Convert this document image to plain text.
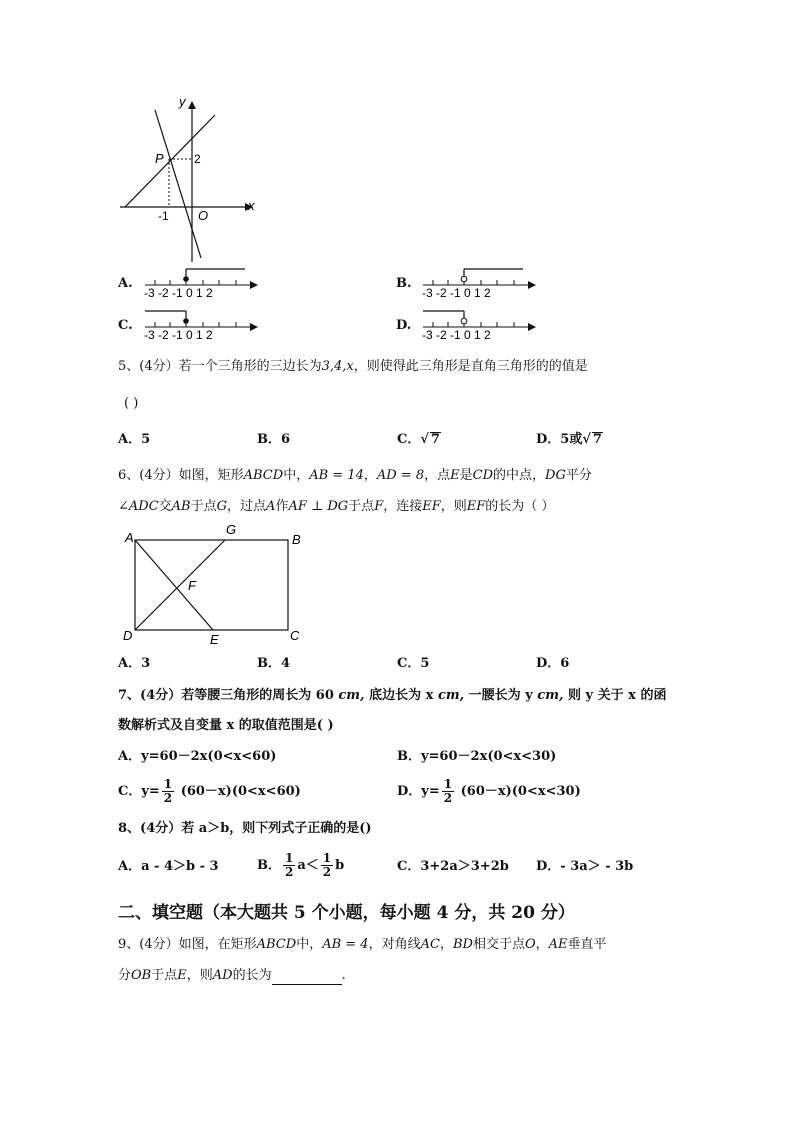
y
x
P	2
-1 O
A.
-3 -2 -1 0 1 2
B.
-3 -2 -1 0 1 2
C.
-3 -2 -1 0 1 2
D.
-3 -2 -1 0 1 2
5、(4分）若一个三角形的三边长为3,4,x，则使得此三角形是直角三角形的的值是
( )
A．5	B．6	C．√ 7	D．5或√ 7
6、(4分）如图，矩形ABCD中，AB = 14，AD = 8，点E是CD的中点，DG平分
∠ADC交AB于点G，过点A作AF ⊥ DG于点F，连接EF，则EF的长为（ ）
A
G
B
F
D	E	C
A．3	B．4	C．5	D．6
7、(4分）若等腰三角形的周长为 60 cm, 底边长为 x cm, 一腰长为 y cm, 则 y 关于 x 的函
数解析式及自变量 x 的取值范围是( )
A．y=60－2x(0<x<60)	B．y=60－2x(0<x<30)
C．$y= \frac{1}{2} (60-x)(0<x<60)$	D．$y= \frac{1}{2} (60-x)(0<x<30)$
8、(4分）若 a＞b，则下列式子正确的是()
A．a - 4＞b - 3	B． $\frac{1}{2} a< \frac{1}{2}$ b	C．3+2a＞3+2b D．- 3a＞ - 3b
二、填空题（本大题共 5 个小题，每小题 4 分，共 20 分）
9、(4分）如图，在矩形ABCD中，AB = 4，对角线AC，BD相交于点O，AE垂直平
分OB于点E，则AD的长为	.
